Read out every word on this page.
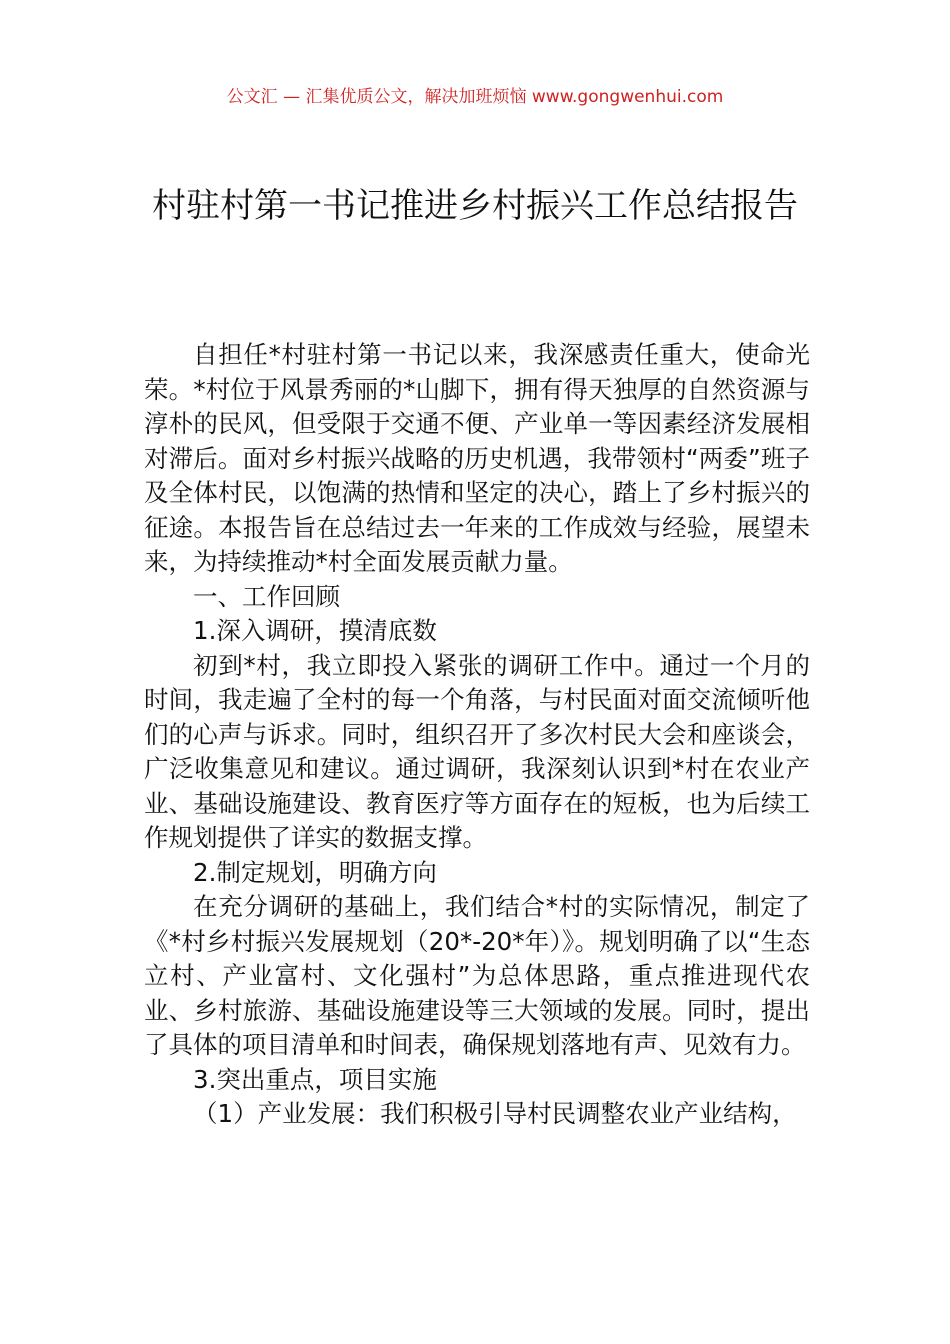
公文汇 — 汇集优质公文，解决加班烦恼 www.gongwenhui.com
村驻村第一书记推进乡村振兴工作总结报告

自担任*村驻村第一书记以来，我深感责任重大，使命光荣。*村位于风景秀丽的*山脚下，拥有得天独厚的自然资源与淳朴的民风，但受限于交通不便、产业单一等因素经济发展相对滞后。面对乡村振兴战略的历史机遇，我带领村“两委”班子及全体村民，以饱满的热情和坚定的决心，踏上了乡村振兴的征途。本报告旨在总结过去一年来的工作成效与经验，展望未来，为持续推动*村全面发展贡献力量。

一、工作回顾

1.深入调研，摸清底数

初到*村，我立即投入紧张的调研工作中。通过一个月的时间，我走遍了全村的每一个角落，与村民面对面交流倾听他们的心声与诉求。同时，组织召开了多次村民大会和座谈会，广泛收集意见和建议。通过调研，我深刻认识到*村在农业产业、基础设施建设、教育医疗等方面存在的短板，也为后续工作规划提供了详实的数据支撑。

2.制定规划，明确方向

在充分调研的基础上，我们结合*村的实际情况，制定了《*村乡村振兴发展规划（20*-20*年）》。规划明确了以“生态立村、产业富村、文化强村”为总体思路，重点推进现代农业、乡村旅游、基础设施建设等三大领域的发展。同时，提出了具体的项目清单和时间表，确保规划落地有声、见效有力。

3.突出重点，项目实施

（1）产业发展：我们积极引导村民调整农业产业结构，
